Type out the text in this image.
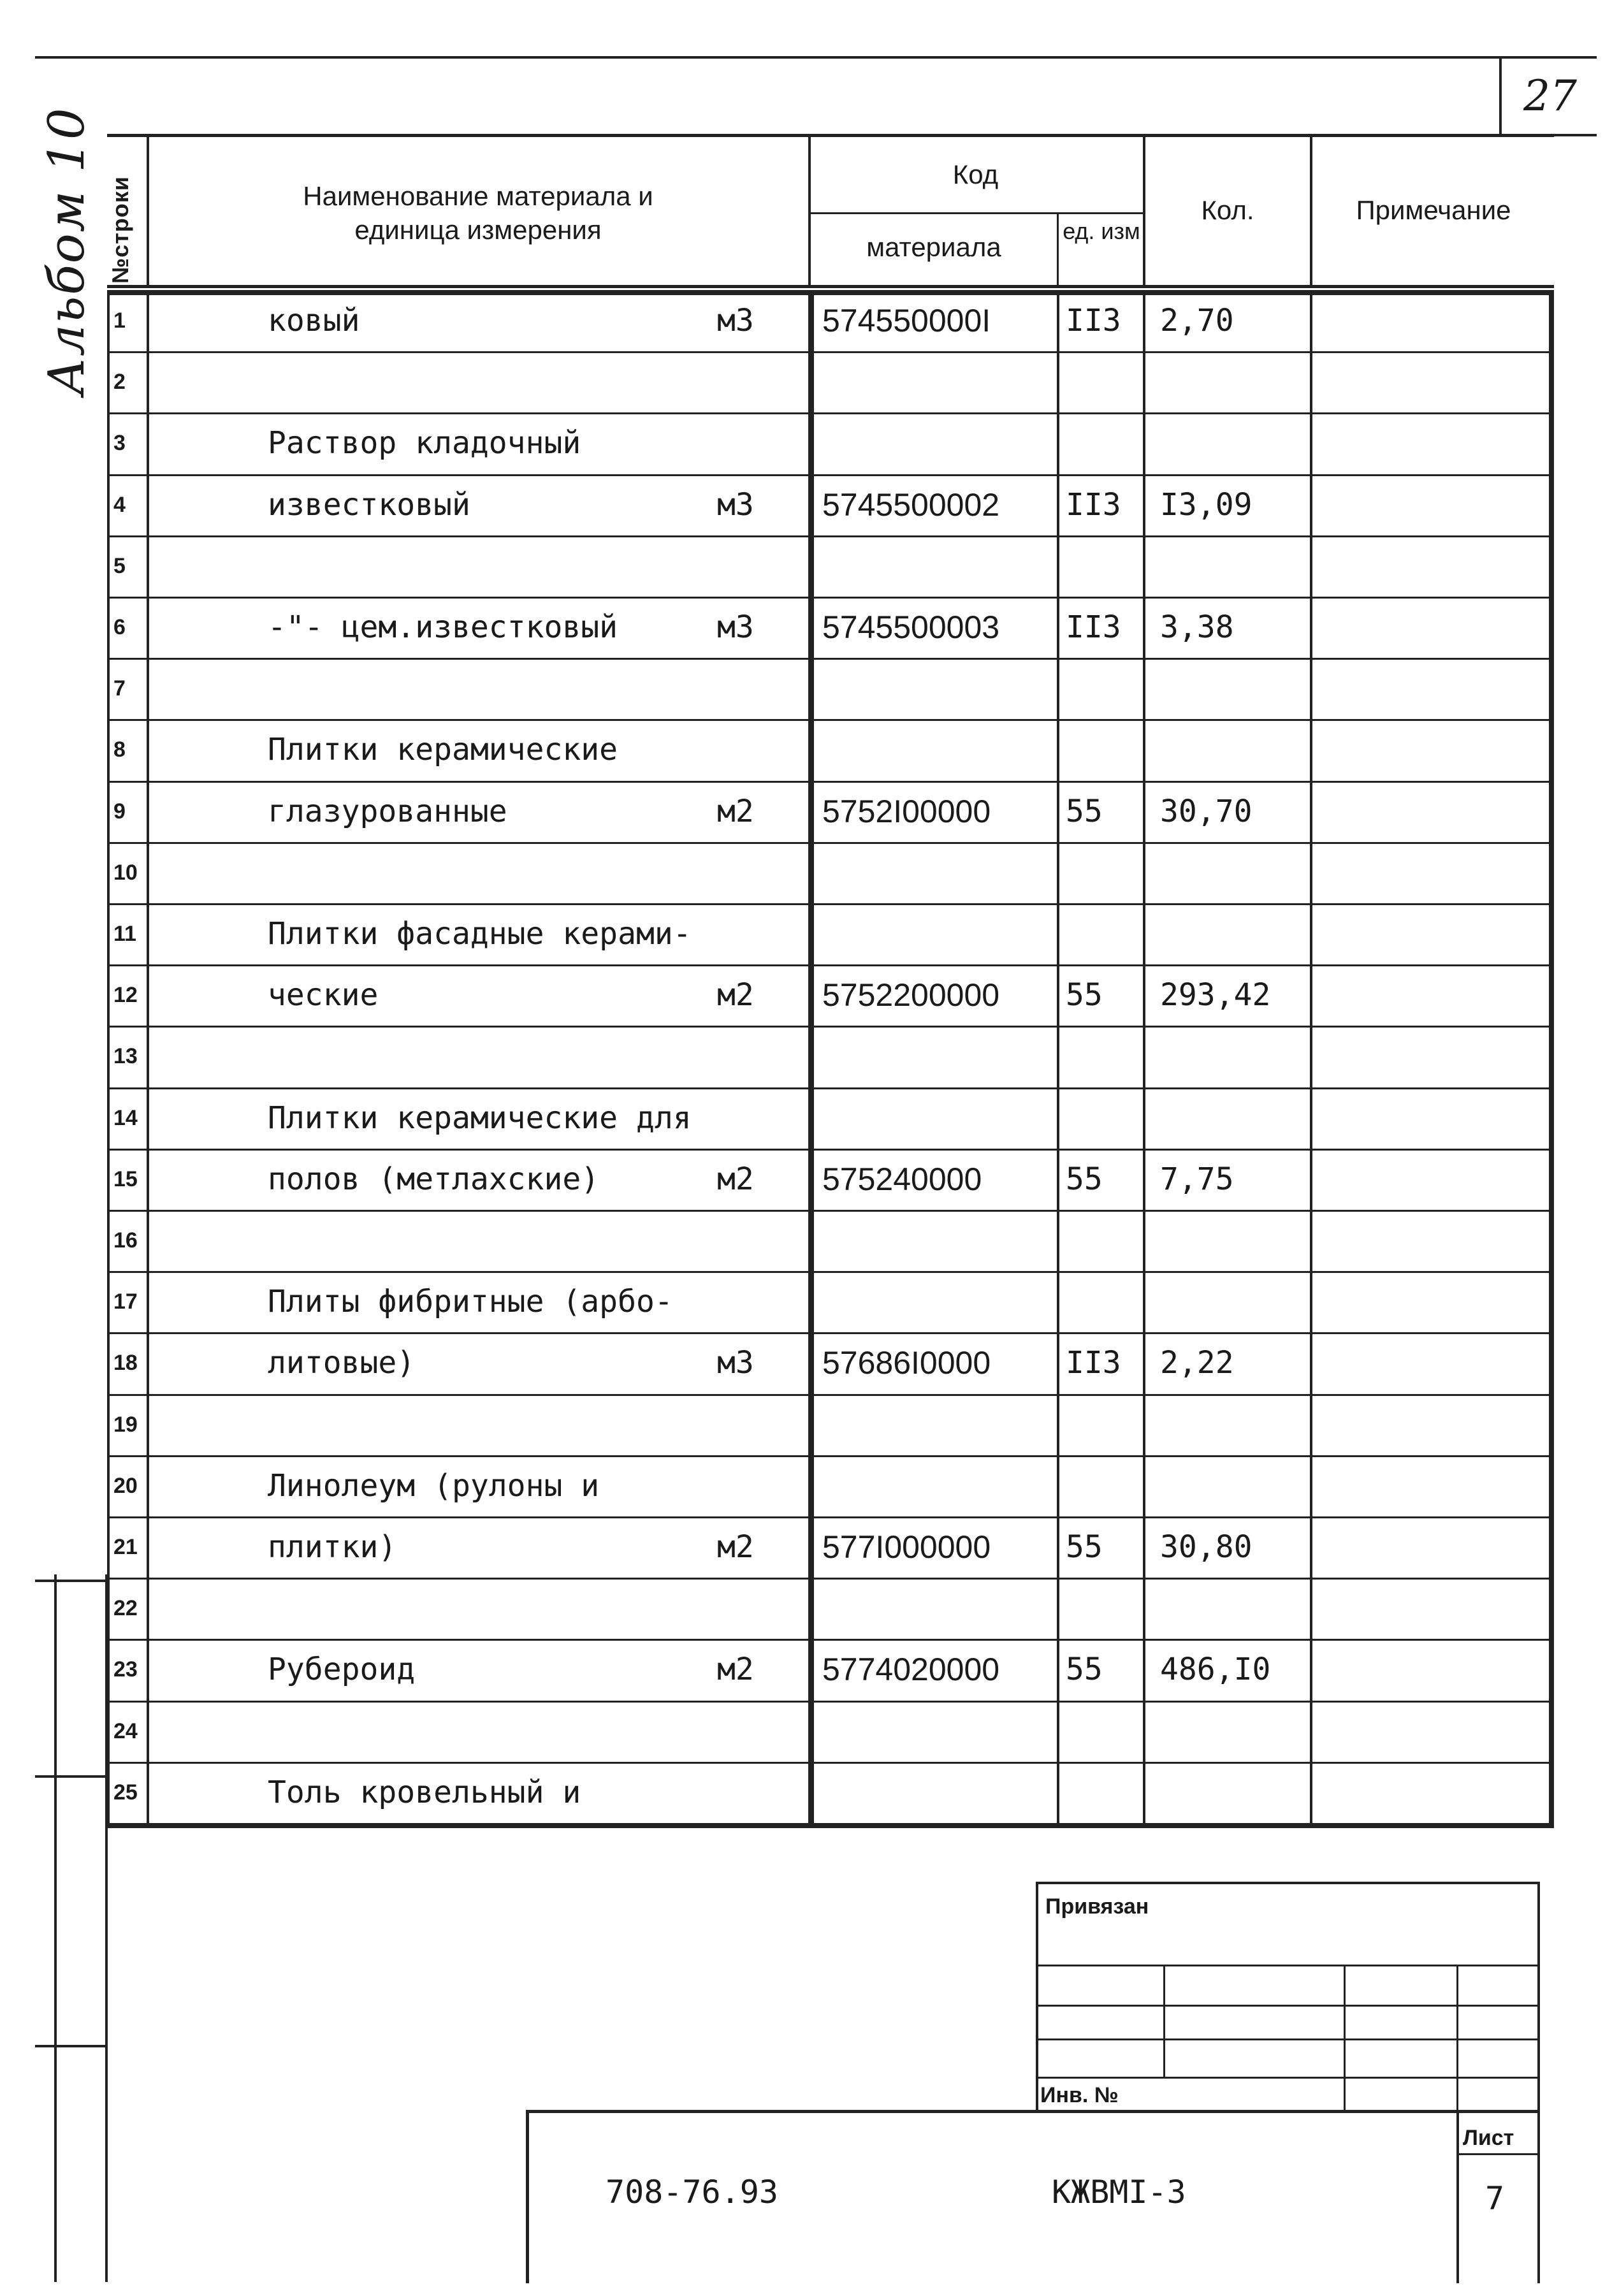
27
Альбом 10 №строки	Наименование материала и единица измерения
Код
материала
ед. изм
Кол.	Примечание
1	ковый	м3 574550000I II3 2,70
2
3	Раствор кладочный
4	известковый	м3 5745500002 II3 I3,09
5
6	-"- цем.известковый	м3 5745500003 II3 3,38
7
8	Плитки керамические
9	глазурованные	м2 5752I00000 55 30,70
10
11	Плитки фасадные керами-
12	ческие	м2 5752200000 55 293,42
13
14	Плитки керамические для
15	полов (метлахские)	м2 575240000	55 7,75
16
17	Плиты фибритные (арбо-
18	литовые)	м3 57686I0000 II3 2,22
19
20	Линолеум (рулоны и
21	плитки)	м2 577I000000 55 30,80
22
23	Рубероид	м2 5774020000 55 486,I0
24
25	Толь кровельный и
Привязан
Инв. №
708-76.93	КЖВМI-3
Лист
7
